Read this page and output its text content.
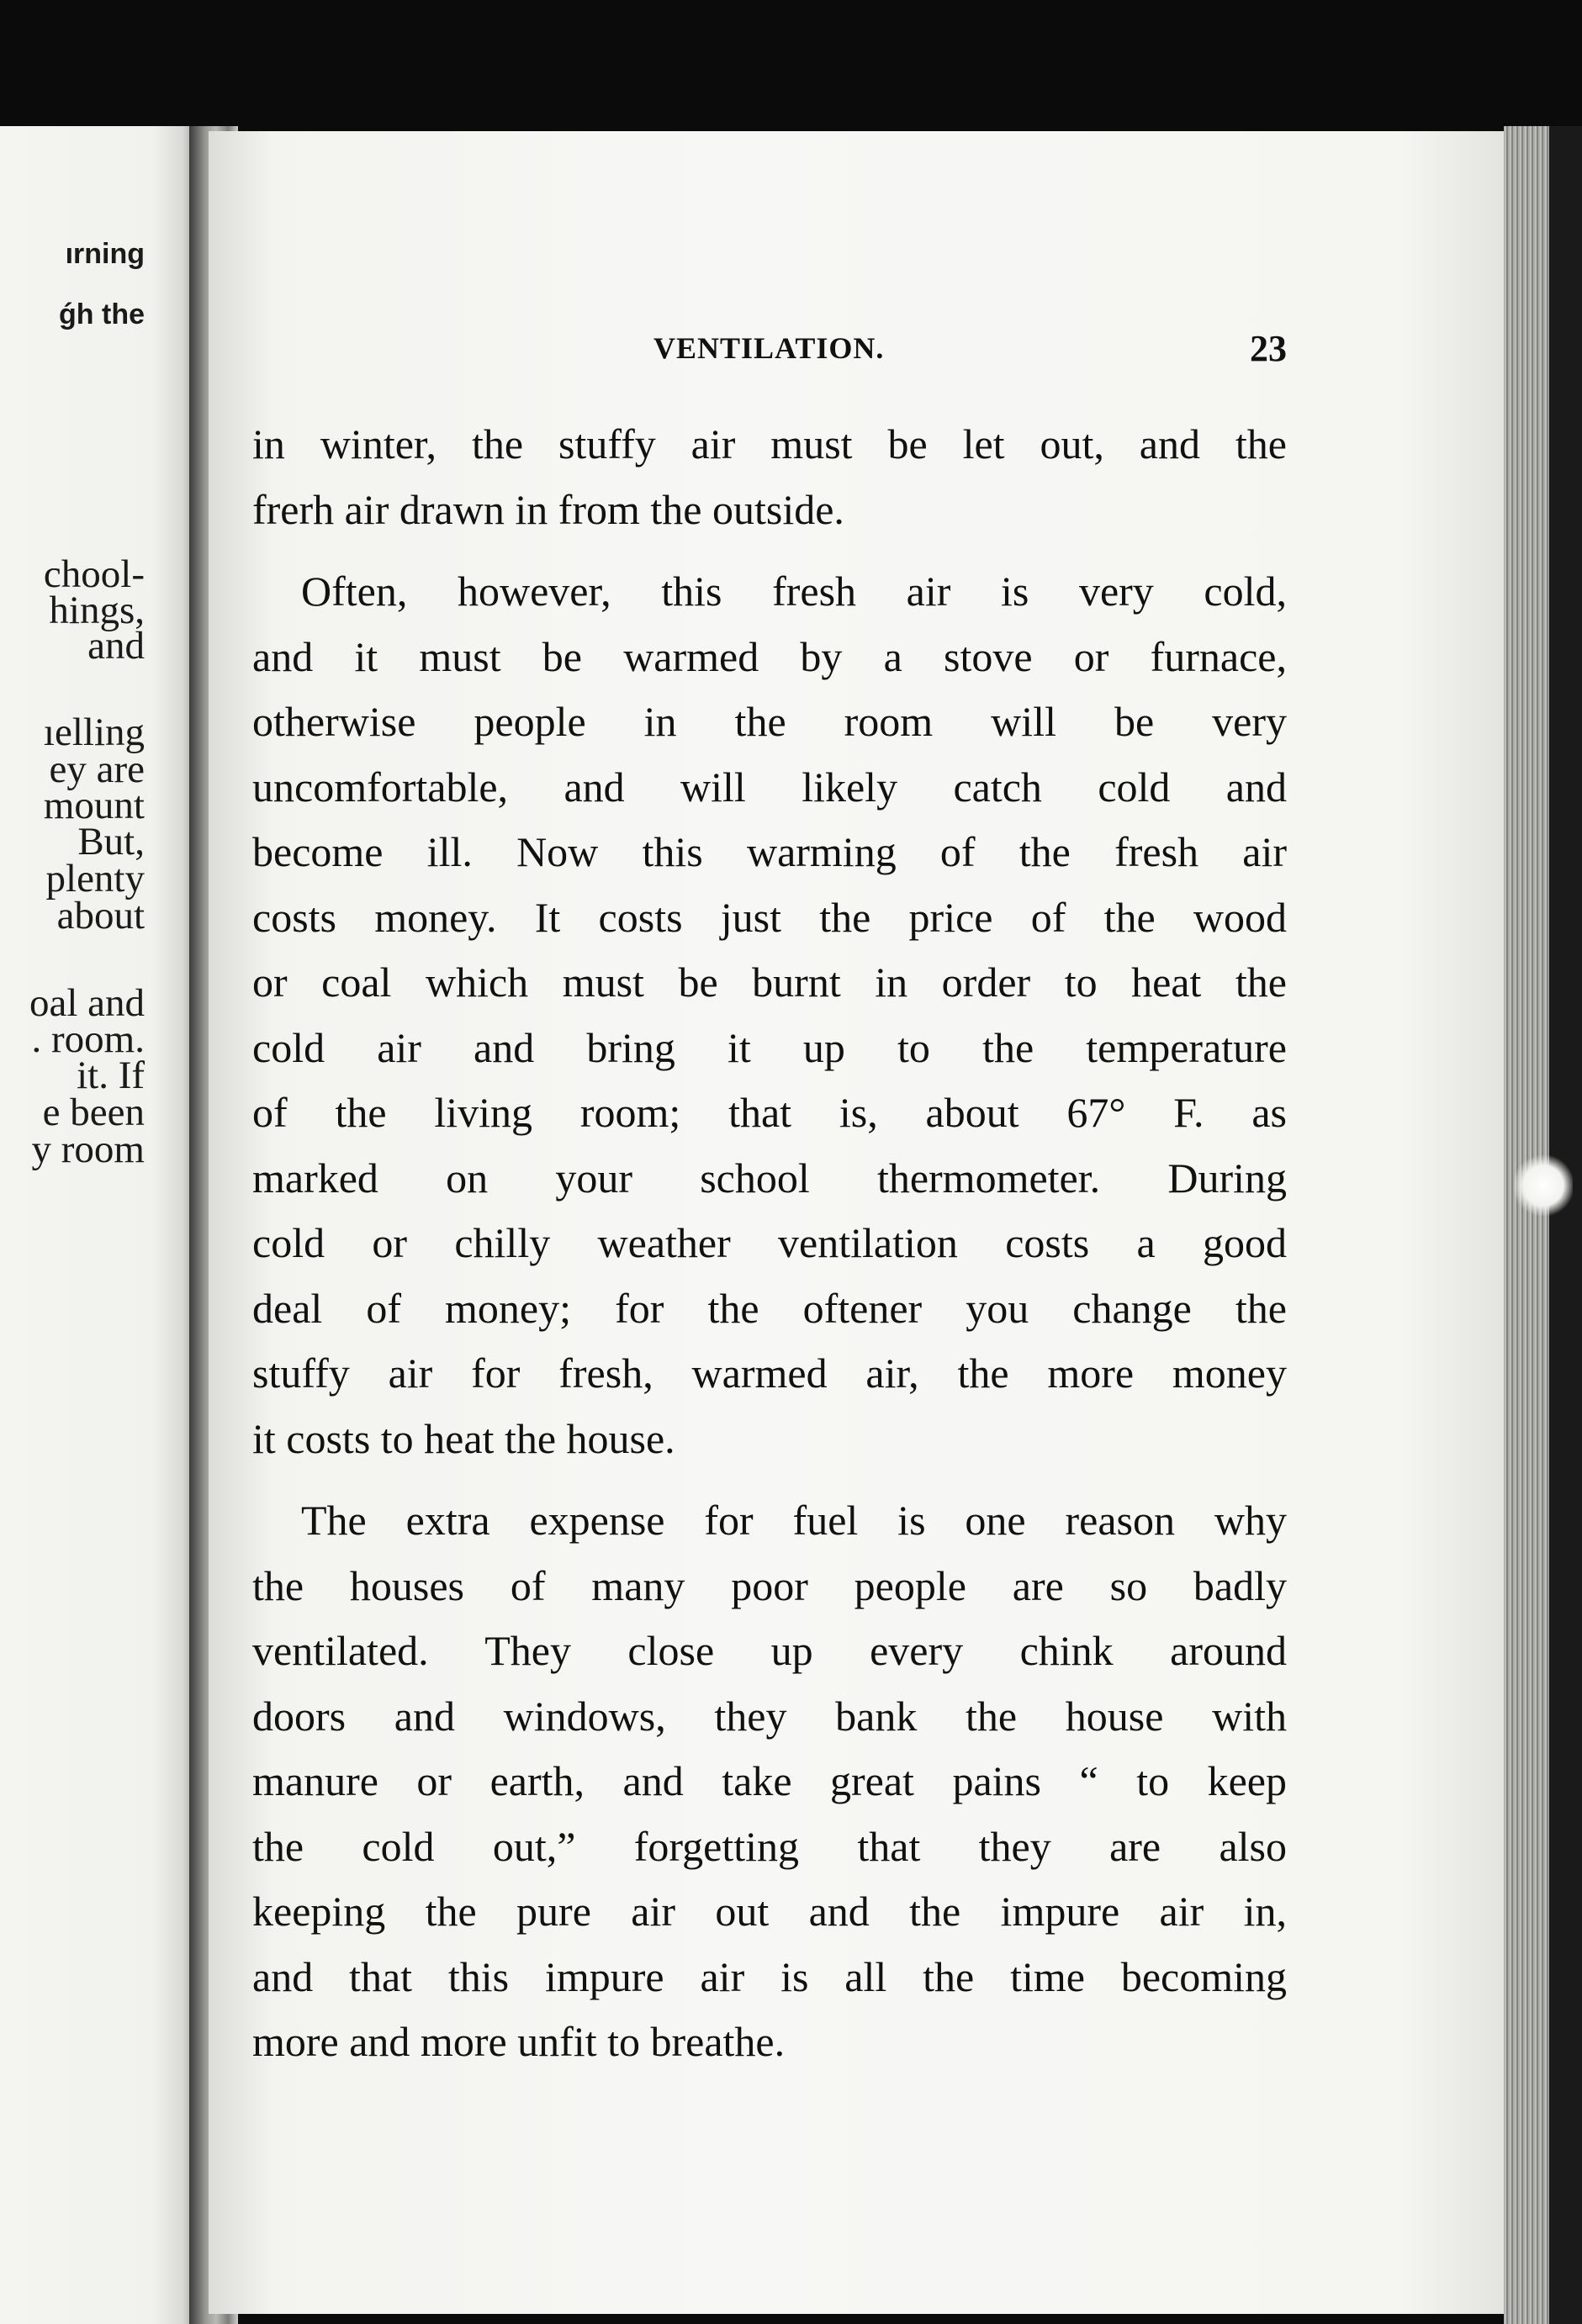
ırning
ǵh the
chool-
hings,
and
ıelling
ey are
mount
But,
plenty
about
oal and
. room.
it. If
e been
y room
VENTILATION.	23
in winter, the stuffy air must be let out, and the
frerh air drawn in from the outside.
Often, however, this fresh air is very cold,
and it must be warmed by a stove or furnace,
otherwise people in the room will be very
uncomfortable, and will likely catch cold and
become ill. Now this warming of the fresh air
costs money. It costs just the price of the wood
or coal which must be burnt in order to heat the
cold air and bring it up to the temperature
of the living room; that is, about 67° F. as
marked on your school thermometer. During
cold or chilly weather ventilation costs a good
deal of money; for the oftener you change the
stuffy air for fresh, warmed air, the more money
it costs to heat the house.
The extra expense for fuel is one reason why
the houses of many poor people are so badly
ventilated. They close up every chink around
doors and windows, they bank the house with
manure or earth, and take great pains “ to keep
the cold out,” forgetting that they are also
keeping the pure air out and the impure air in,
and that this impure air is all the time becoming
more and more unfit to breathe.
